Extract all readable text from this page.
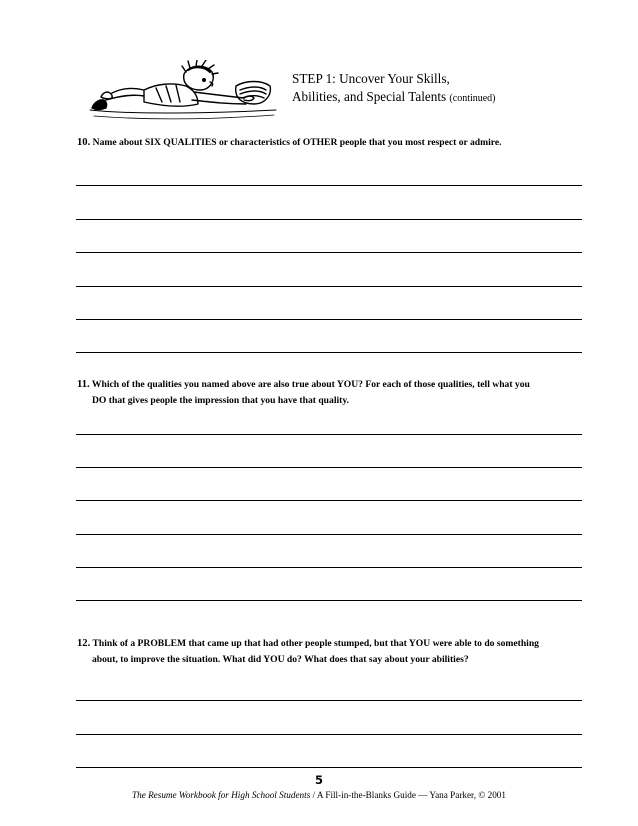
STEP 1: Uncover Your Skills,
Abilities, and Special Talents (continued)
10. Name about SIX QUALITIES or characteristics of OTHER people that you most respect or admire.
11. Which of the qualities you named above are also true about YOU? For each of those qualities, tell what you
DO that gives people the impression that you have that quality.
12. Think of a PROBLEM that came up that had other people stumped, but that YOU were able to do something
about, to improve the situation. What did YOU do? What does that say about your abilities?
5
The Resume Workbook for High School Students / A Fill-in-the-Blanks Guide — Yana Parker, © 2001
